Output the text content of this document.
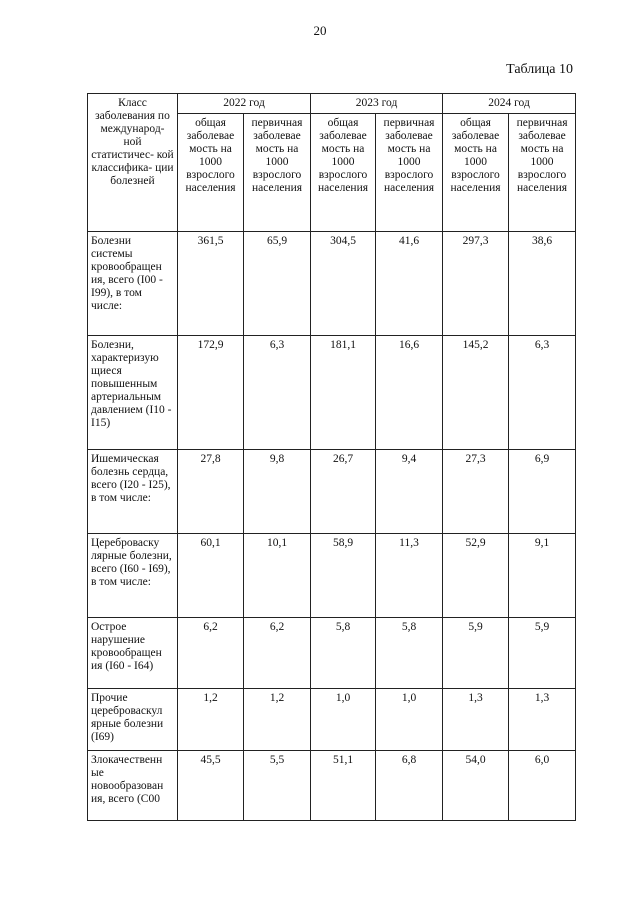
20
Таблица 10
Класс заболевания по международ- ной статистичес- кой классифика- ции болезней	2022 год		2023 год		2024 год	
	общая заболевае мость на 1000 взрослого населения	первичная заболевае мость на 1000 взрослого населения	общая заболевае мость на 1000 взрослого населения	первичная заболевае мость на 1000 взрослого населения	общая заболевае мость на 1000 взрослого населения	первичная заболевае мость на 1000 взрослого населения
Болезни системы кровообращен ия, всего (I00 - I99), в том числе:	361,5	65,9	304,5	41,6	297,3	38,6
Болезни, характеризую щиеся повышенным артериальным давлением (I10 - I15)	172,9	6,3	181,1	16,6	145,2	6,3
Ишемическая болезнь сердца, всего (I20 - I25), в том числе:	27,8	9,8	26,7	9,4	27,3	6,9
Цереброваску лярные болезни, всего (I60 - I69), в том числе:	60,1	10,1	58,9	11,3	52,9	9,1
Острое нарушение кровообращен ия (I60 - I64)	6,2	6,2	5,8	5,8	5,9	5,9
Прочие цереброваскул ярные болезни (I69)	1,2	1,2	1,0	1,0	1,3	1,3
Злокачественн ые новообразован ия, всего (C00	45,5	5,5	51,1	6,8	54,0	6,0
